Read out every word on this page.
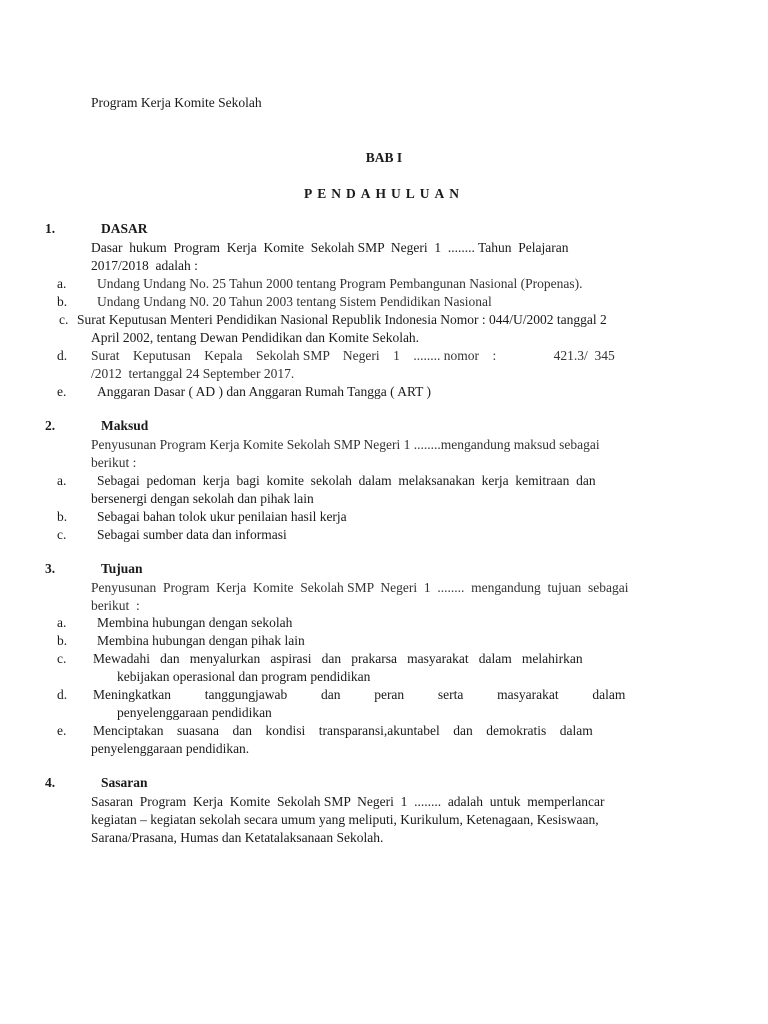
Program Kerja Komite Sekolah
BAB I
PENDAHULUAN
1.	DASAR
Dasar  hukum  Program  Kerja  Komite  Sekolah SMP  Negeri  1  ........ Tahun  Pelajaran
2017/2018  adalah :
a. Undang Undang No. 25 Tahun 2000 tentang Program Pembangunan Nasional (Propenas).
b. Undang Undang N0. 20 Tahun 2003 tentang Sistem Pendidikan Nasional
c. Surat Keputusan Menteri Pendidikan Nasional Republik Indonesia Nomor : 044/U/2002 tanggal 2
April 2002, tentang Dewan Pendidikan dan Komite Sekolah.
d. Surat    Keputusan    Kepala    Sekolah SMP    Negeri    1    ........ nomor    :                 421.3/  345
/2012  tertanggal 24 September 2017.
e. Anggaran Dasar ( AD ) dan Anggaran Rumah Tangga ( ART )
2.	Maksud
Penyusunan Program Kerja Komite Sekolah SMP Negeri 1 ........mengandung maksud sebagai
berikut :
a. Sebagai  pedoman  kerja  bagi  komite  sekolah  dalam  melaksanakan  kerja  kemitraan  dan
bersenergi dengan sekolah dan pihak lain
b. Sebagai bahan tolok ukur penilaian hasil kerja
c. Sebagai sumber data dan informasi
3.	Tujuan
Penyusunan  Program  Kerja  Komite  Sekolah SMP  Negeri  1  ........  mengandung  tujuan  sebagai
berikut  :
a. Membina hubungan dengan sekolah
b. Membina hubungan dengan pihak lain
c. Mewadahi   dan   menyalurkan   aspirasi   dan   prakarsa   masyarakat   dalam   melahirkan
kebijakan operasional dan program pendidikan
d. Meningkatkan          tanggungjawab          dan          peran          serta          masyarakat          dalam
penyelenggaraan pendidikan
e. Menciptakan    suasana    dan    kondisi    transparansi,akuntabel    dan    demokratis    dalam
penyelenggaraan pendidikan.
4.	Sasaran
Sasaran  Program  Kerja  Komite  Sekolah SMP  Negeri  1  ........  adalah  untuk  memperlancar
kegiatan – kegiatan sekolah secara umum yang meliputi, Kurikulum, Ketenagaan, Kesiswaan,
Sarana/Prasana, Humas dan Ketatalaksanaan Sekolah.
